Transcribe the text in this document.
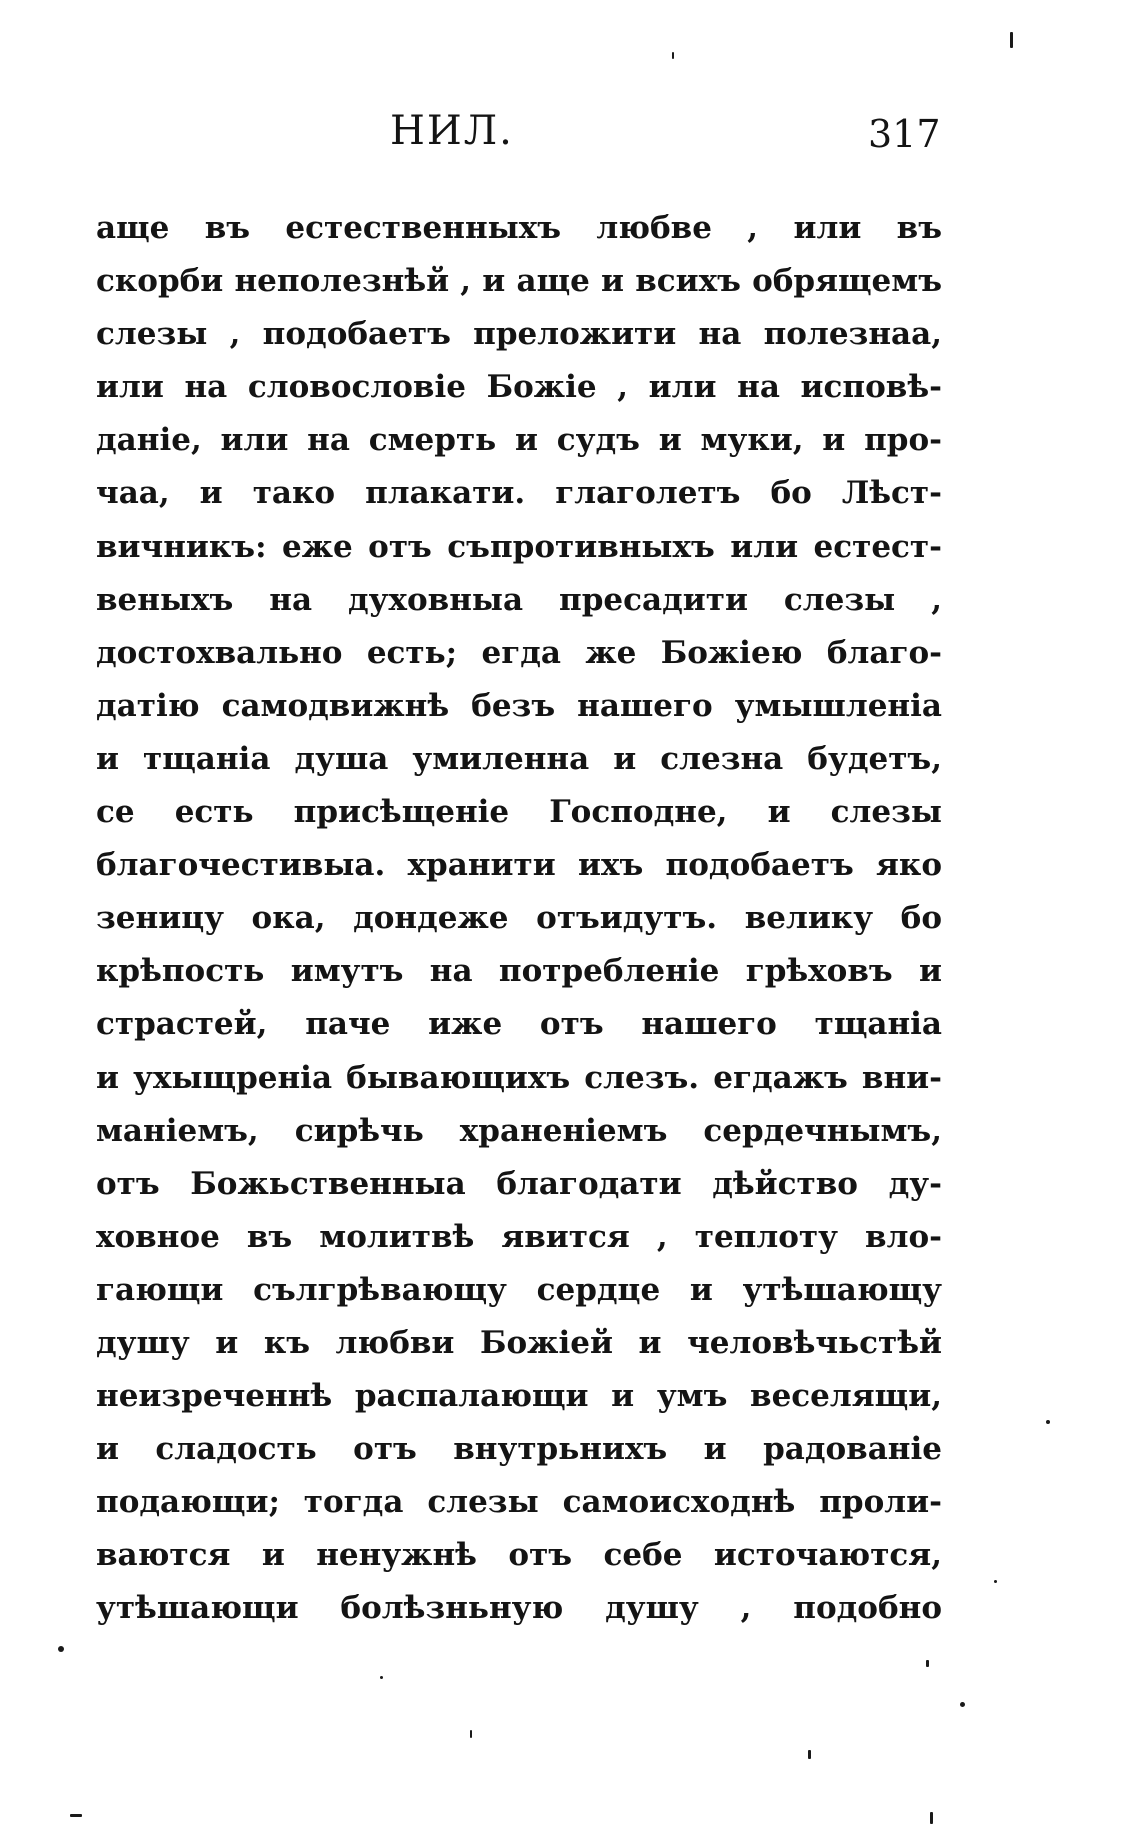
НИЛ.	317
аще въ естественныхъ любве , или въ
скорби неполезнѣй , и аще и всихъ обрящемъ
слезы , подобаетъ преложити на полезнаа,
или на словословіе Божіе , или на исповѣ-
даніе, или на смерть и судъ и муки, и про-
чаа, и тако плакати. глаголетъ бо Лѣст-
вичникъ: еже отъ съпротивныхъ или естест-
веныхъ на духовныа пресадити слезы ,
достохвально есть; егда же Божіею благо-
датію самодвижнѣ безъ нашего умышленіа
и тщаніа душа умиленна и слезна будетъ,
се есть присѣщеніе Господне, и слезы
благочестивыа. хранити ихъ подобаетъ яко
зеницу ока, дондеже отъидутъ. велику бо
крѣпость имутъ на потребленіе грѣховъ и
страстей, паче иже отъ нашего тщаніа
и ухыщреніа бывающихъ слезъ. егдажъ вни-
маніемъ, сирѣчь храненіемъ сердечнымъ,
отъ Божьственныа благодати дѣйство ду-
ховное въ молитвѣ явится , теплоту вло-
гающи сългрѣвающу сердце и утѣшающу
душу и къ любви Божіей и человѣчьстѣй
неизреченнѣ распалающи и умъ веселящи,
и сладость отъ внутрьнихъ и радованіе
подающи; тогда слезы самоисходнѣ проли-
ваются и ненужнѣ отъ себе источаются,
утѣшающи болѣзньную душу , подобно
